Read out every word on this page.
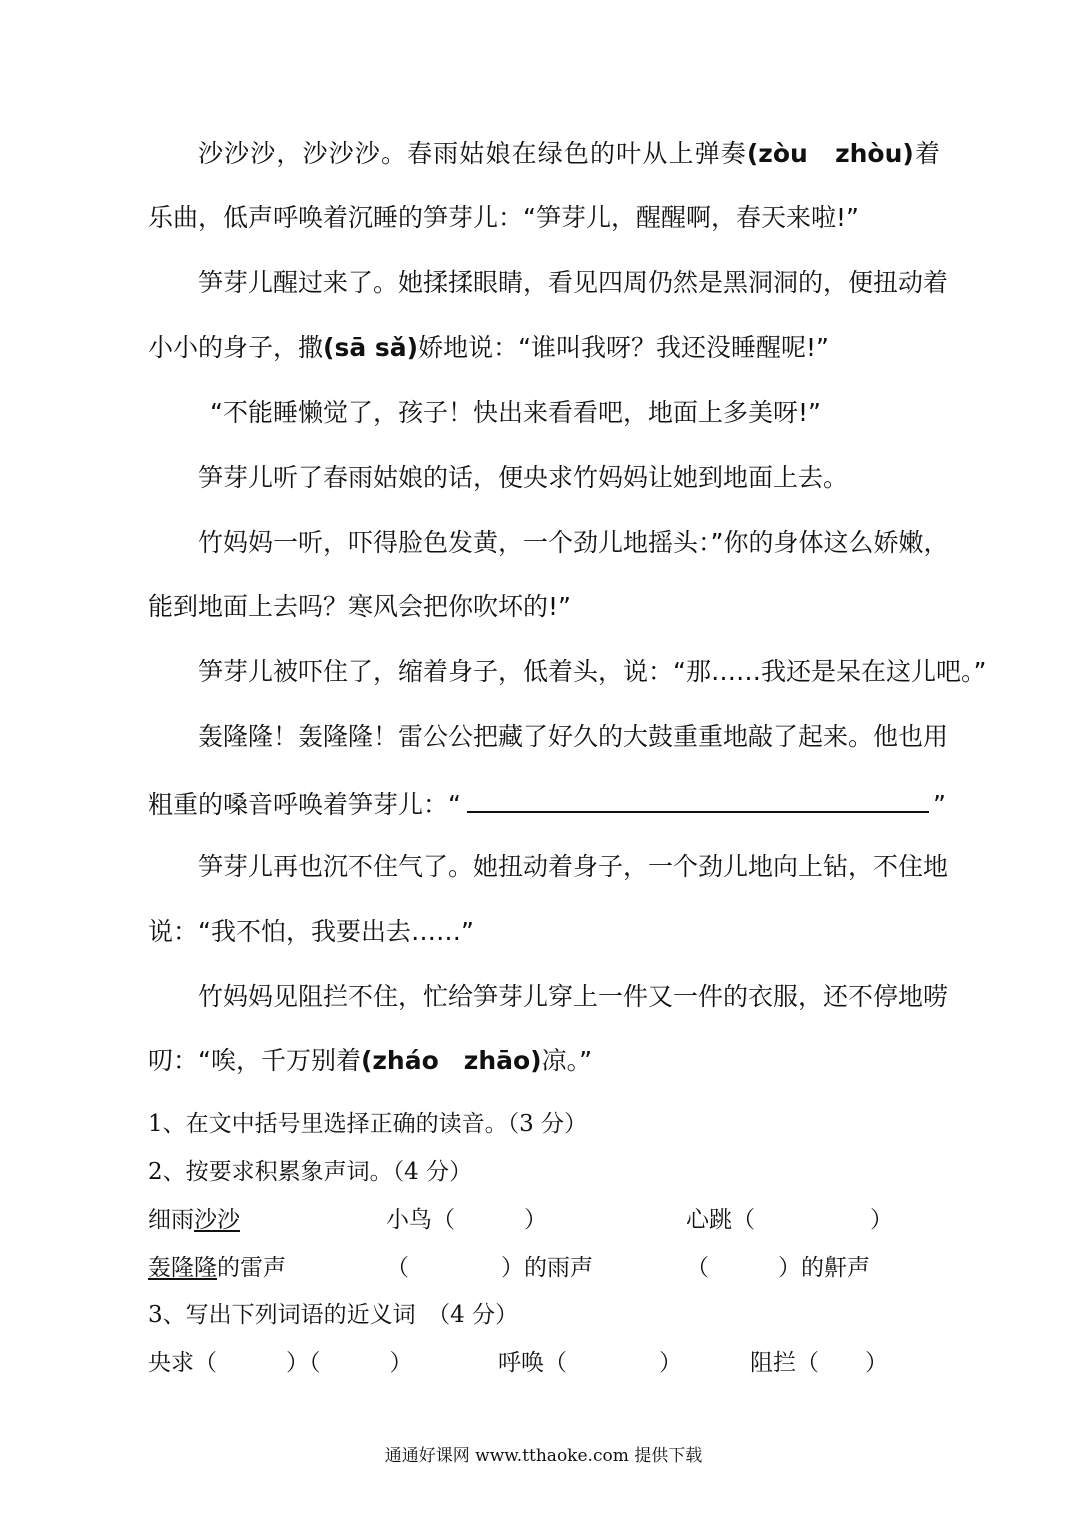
沙沙沙，沙沙沙。春雨姑娘在绿色的叶从上弹奏(zòu　zhòu)着
乐曲，低声呼唤着沉睡的笋芽儿：“笋芽儿，醒醒啊，春天来啦!”
笋芽儿醒过来了。她揉揉眼睛，看见四周仍然是黑洞洞的，便扭动着
小小的身子，撒(sā sǎ)娇地说：“谁叫我呀？我还没睡醒呢!”
“不能睡懒觉了，孩子！快出来看看吧，地面上多美呀!”
笋芽儿听了春雨姑娘的话，便央求竹妈妈让她到地面上去。
竹妈妈一听，吓得脸色发黄，一个劲儿地摇头：”你的身体这么娇嫩，
能到地面上去吗？寒风会把你吹坏的!”
笋芽儿被吓住了，缩着身子，低着头，说：“那……我还是呆在这儿吧。”
轰隆隆！轰隆隆！雷公公把藏了好久的大鼓重重地敲了起来。他也用
粗重的嗓音呼唤着笋芽儿：“	”
笋芽儿再也沉不住气了。她扭动着身子，一个劲儿地向上钻，不住地
说：“我不怕，我要出去……”
竹妈妈见阻拦不住，忙给笋芽儿穿上一件又一件的衣服，还不停地唠
叨：“唉，千万别着(zháo　zhāo)凉。”
1、在文中括号里选择正确的读音。（3 分）
2、按要求积累象声词。（4 分）
细雨沙沙	小鸟（　　　）	心跳（　　　　　）
轰隆隆的雷声	（　　　　）的雨声	（　　　）的鼾声
3、写出下列词语的近义词　（4 分）
央求（　　　）（　　　）	呼唤（　　　　）	阻拦（　　）
通通好课网 www.tthaoke.com 提供下载
